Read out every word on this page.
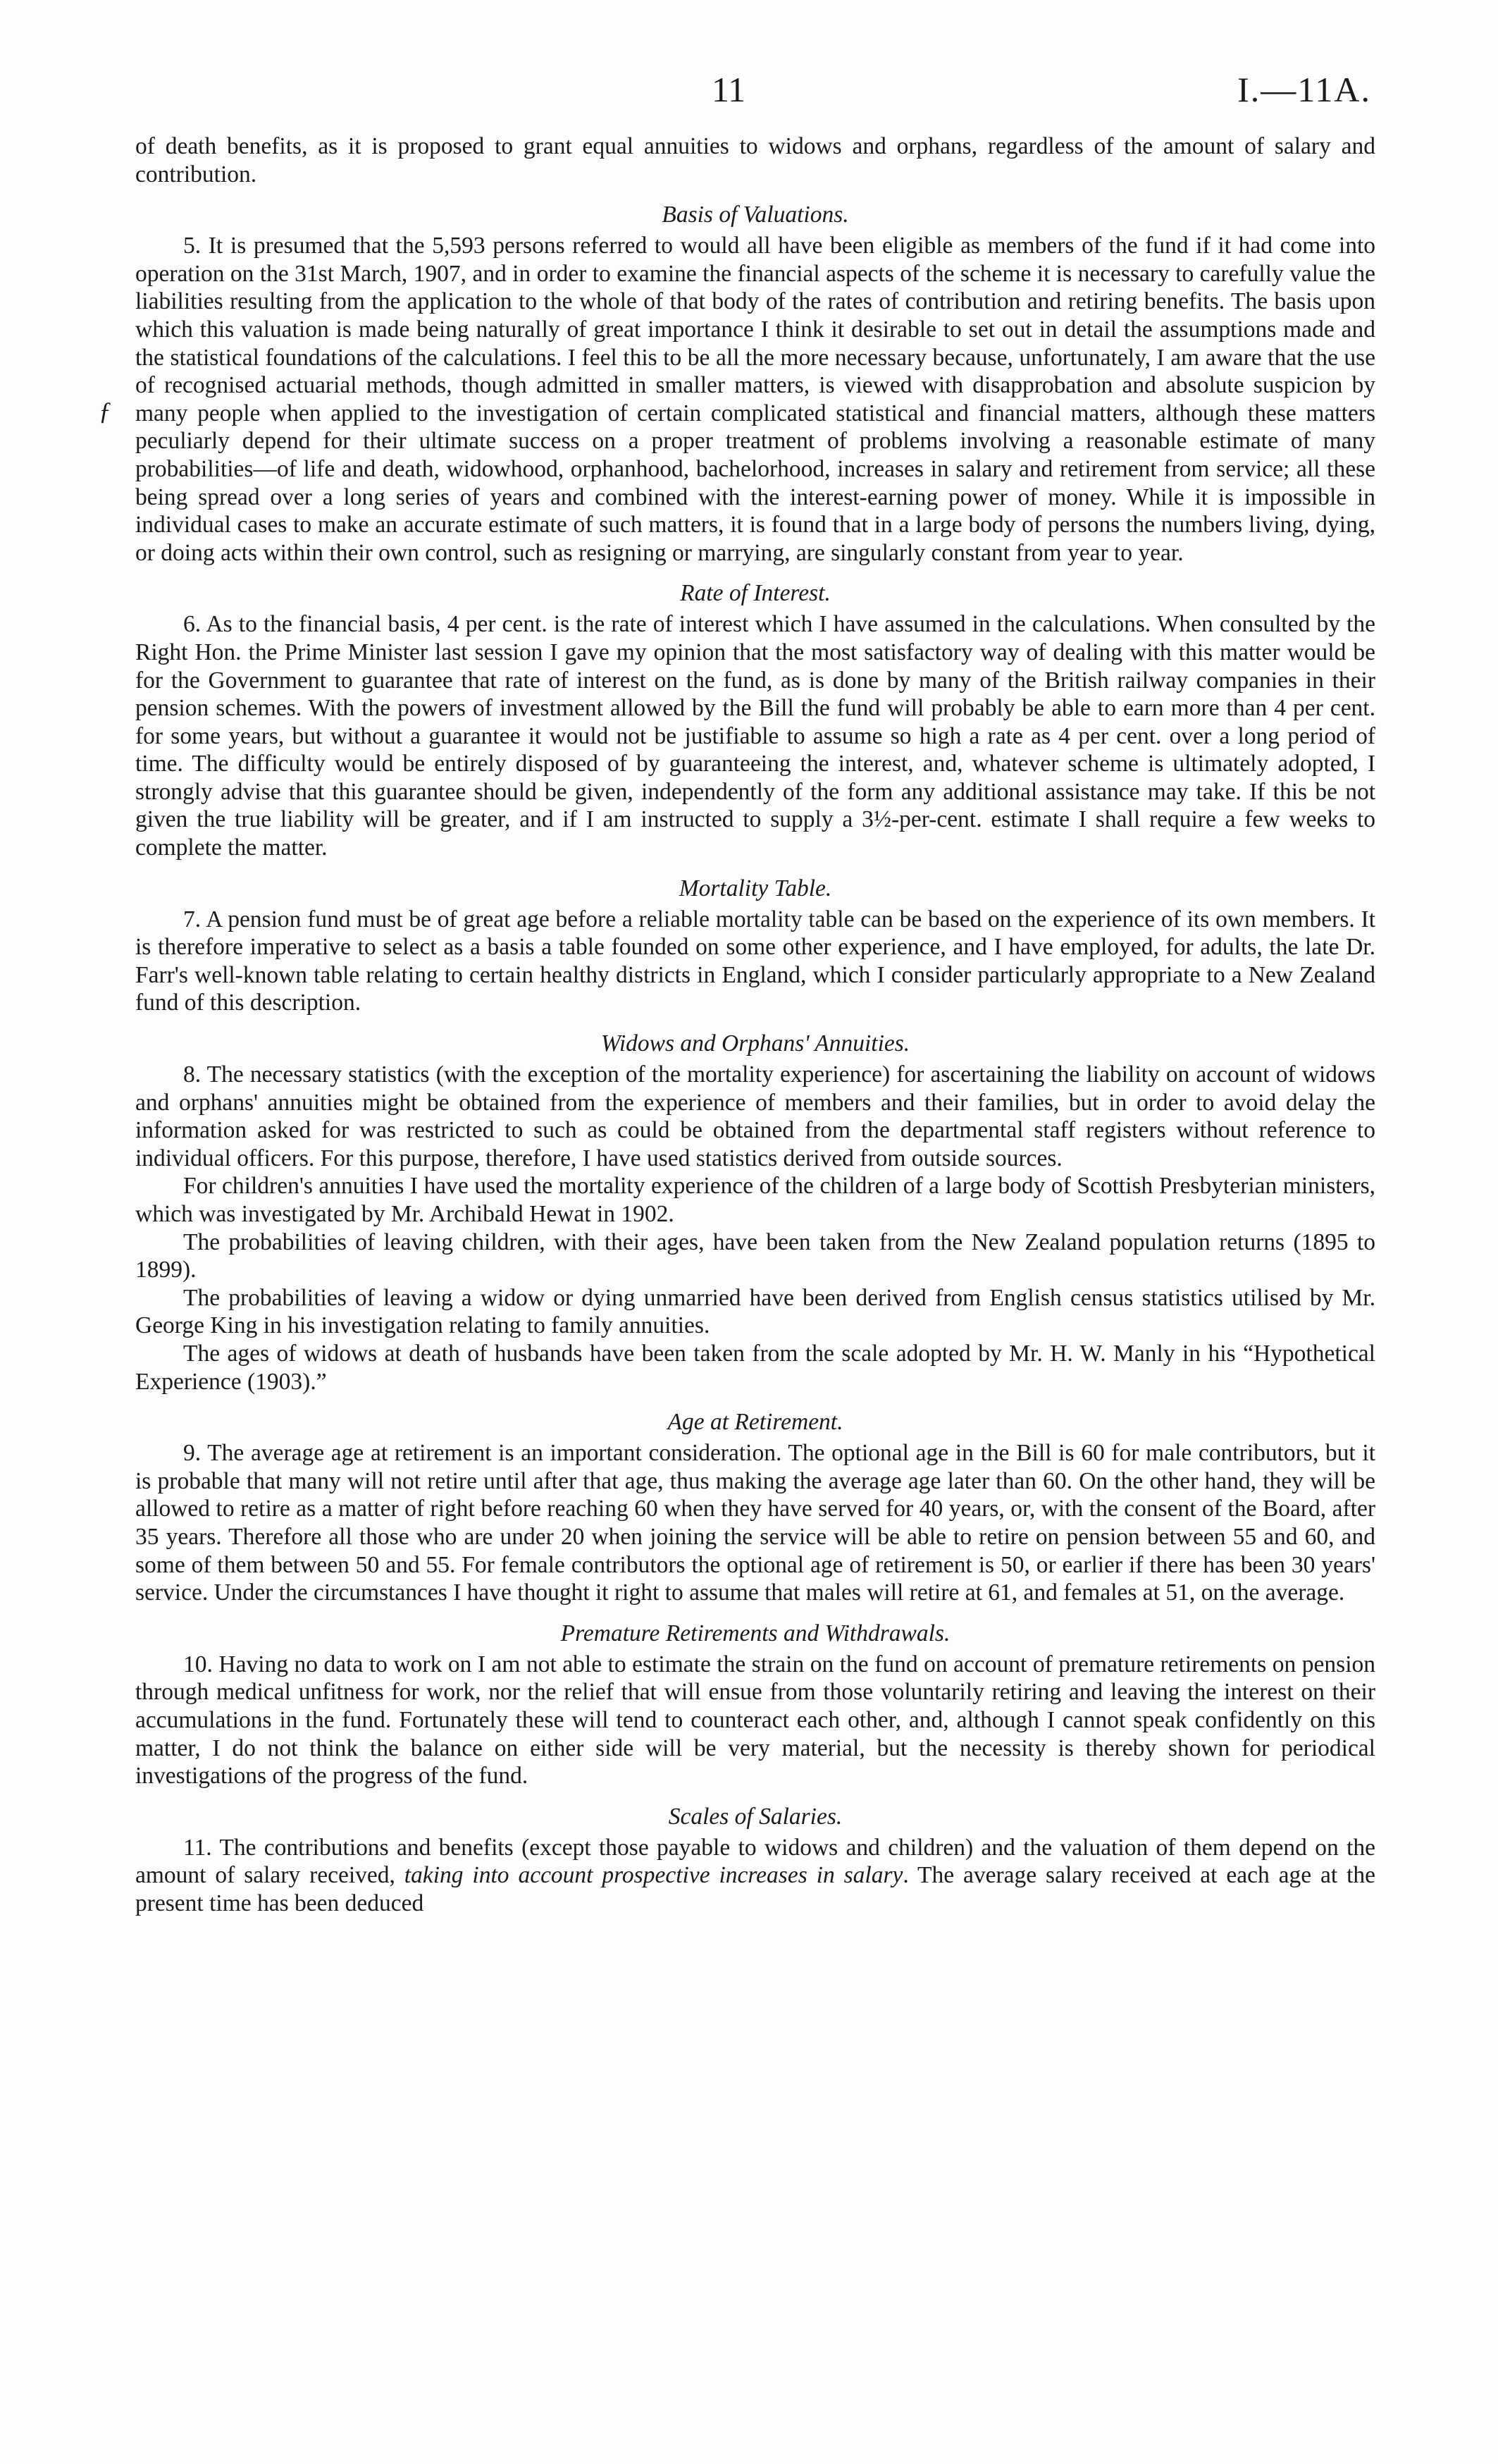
11	I.—11A.
ƒ

of death benefits, as it is proposed to grant equal annuities to widows and orphans, regardless of the amount of salary and contribution.

Basis of Valuations.

5. It is presumed that the 5,593 persons referred to would all have been eligible as members of the fund if it had come into operation on the 31st March, 1907, and in order to examine the financial aspects of the scheme it is necessary to carefully value the liabilities resulting from the application to the whole of that body of the rates of contribution and retiring benefits. The basis upon which this valuation is made being naturally of great importance I think it desirable to set out in detail the assumptions made and the statistical foundations of the calculations. I feel this to be all the more necessary because, unfortunately, I am aware that the use of recognised actuarial methods, though admitted in smaller matters, is viewed with disapprobation and absolute suspicion by many people when applied to the investigation of certain complicated statistical and financial matters, although these matters peculiarly depend for their ultimate success on a proper treatment of problems involving a reasonable estimate of many probabilities—of life and death, widowhood, orphanhood, bachelorhood, increases in salary and retirement from service; all these being spread over a long series of years and combined with the interest-earning power of money. While it is impossible in individual cases to make an accurate estimate of such matters, it is found that in a large body of persons the numbers living, dying, or doing acts within their own control, such as resigning or marrying, are singularly constant from year to year.

Rate of Interest.

6. As to the financial basis, 4 per cent. is the rate of interest which I have assumed in the calculations. When consulted by the Right Hon. the Prime Minister last session I gave my opinion that the most satisfactory way of dealing with this matter would be for the Government to guarantee that rate of interest on the fund, as is done by many of the British railway companies in their pension schemes. With the powers of investment allowed by the Bill the fund will probably be able to earn more than 4 per cent. for some years, but without a guarantee it would not be justifiable to assume so high a rate as 4 per cent. over a long period of time. The difficulty would be entirely disposed of by guaranteeing the interest, and, whatever scheme is ultimately adopted, I strongly advise that this guarantee should be given, independently of the form any additional assistance may take. If this be not given the true liability will be greater, and if I am instructed to supply a 3½-per-cent. estimate I shall require a few weeks to complete the matter.

Mortality Table.

7. A pension fund must be of great age before a reliable mortality table can be based on the experience of its own members. It is therefore imperative to select as a basis a table founded on some other experience, and I have employed, for adults, the late Dr. Farr's well-known table relating to certain healthy districts in England, which I consider particularly appropriate to a New Zealand fund of this description.

Widows and Orphans' Annuities.

8. The necessary statistics (with the exception of the mortality experience) for ascertaining the liability on account of widows and orphans' annuities might be obtained from the experience of members and their families, but in order to avoid delay the information asked for was restricted to such as could be obtained from the departmental staff registers without reference to individual officers. For this purpose, therefore, I have used statistics derived from outside sources.

For children's annuities I have used the mortality experience of the children of a large body of Scottish Presbyterian ministers, which was investigated by Mr. Archibald Hewat in 1902.

The probabilities of leaving children, with their ages, have been taken from the New Zealand population returns (1895 to 1899).

The probabilities of leaving a widow or dying unmarried have been derived from English census statistics utilised by Mr. George King in his investigation relating to family annuities.

The ages of widows at death of husbands have been taken from the scale adopted by Mr. H. W. Manly in his “Hypothetical Experience (1903).”

Age at Retirement.

9. The average age at retirement is an important consideration. The optional age in the Bill is 60 for male contributors, but it is probable that many will not retire until after that age, thus making the average age later than 60. On the other hand, they will be allowed to retire as a matter of right before reaching 60 when they have served for 40 years, or, with the consent of the Board, after 35 years. Therefore all those who are under 20 when joining the service will be able to retire on pension between 55 and 60, and some of them between 50 and 55. For female contributors the optional age of retirement is 50, or earlier if there has been 30 years' service. Under the circumstances I have thought it right to assume that males will retire at 61, and females at 51, on the average.

Premature Retirements and Withdrawals.

10. Having no data to work on I am not able to estimate the strain on the fund on account of premature retirements on pension through medical unfitness for work, nor the relief that will ensue from those voluntarily retiring and leaving the interest on their accumulations in the fund. Fortunately these will tend to counteract each other, and, although I cannot speak confidently on this matter, I do not think the balance on either side will be very material, but the necessity is thereby shown for periodical investigations of the progress of the fund.

Scales of Salaries.

11. The contributions and benefits (except those payable to widows and children) and the valuation of them depend on the amount of salary received, taking into account prospective increases in salary. The average salary received at each age at the present time has been deduced
